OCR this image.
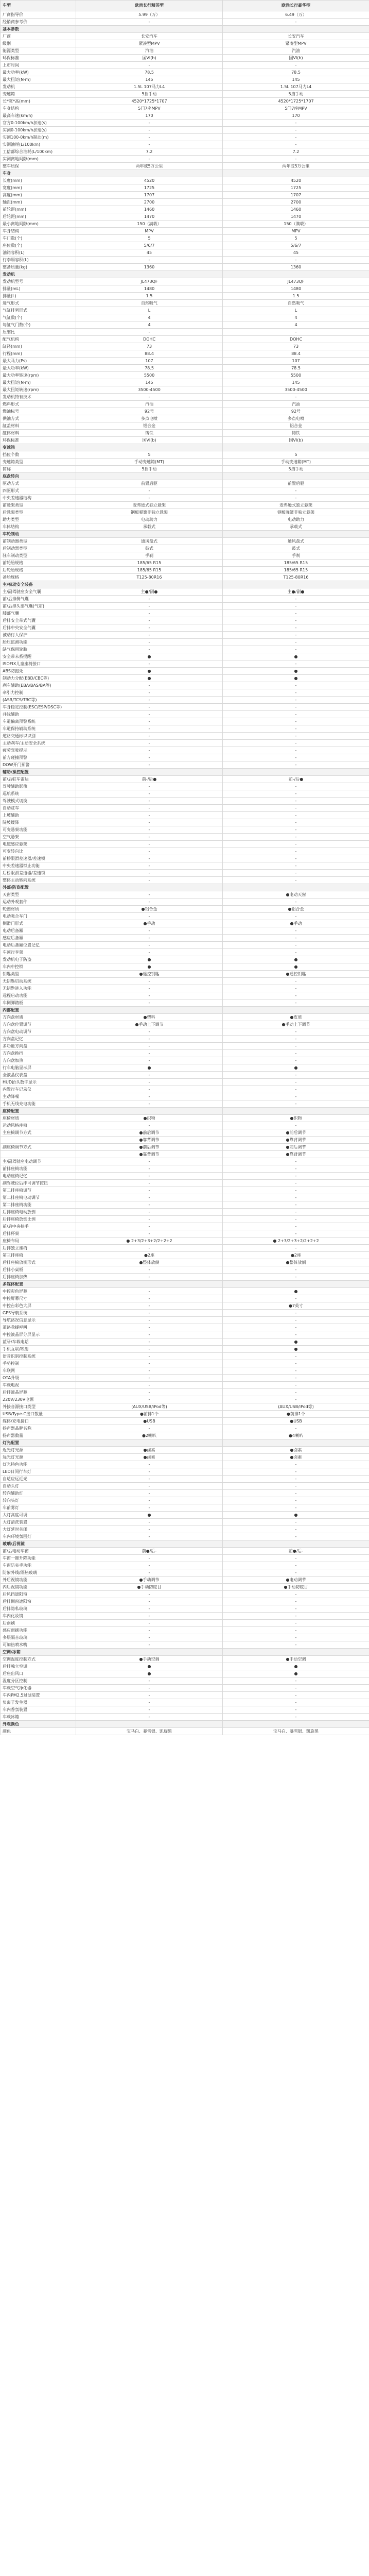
车型	欧尚长行精英型	欧尚长行豪华型
厂商指导价	5.99（万）	6.49（万）
经销商参考价	-	-
基本参数		
厂商	长安汽车	长安汽车
级别	紧凑型MPV	紧凑型MPV
能源类型	汽油	汽油
环保标准	国VI(b)	国VI(b)
上市时间	-	-
最大功率(kW)	78.5	78.5
最大扭矩(N·m)	145	145
发动机	1.5L 107马力L4	1.5L 107马力L4
变速箱	5挡手动	5挡手动
长*宽*高(mm)	4520*1725*1707	4520*1725*1707
车身结构	5门7座MPV	5门7座MPV
最高车速(km/h)	170	170
官方0-100km/h加速(s)	-	-
实测0-100km/h加速(s)	-	-
实测100-0km/h制动(m)	-	-
实测油耗(L/100km)	-	-
工信部综合油耗(L/100km)	7.2	7.2
实测离地间隙(mm)	-	-
整车质保	两年或5万公里	两年或5万公里
车身		
长度(mm)	4520	4520
宽度(mm)	1725	1725
高度(mm)	1707	1707
轴距(mm)	2700	2700
前轮距(mm)	1460	1460
后轮距(mm)	1470	1470
最小离地间隙(mm)	150（满载）	150（满载）
车身结构	MPV	MPV
车门数(个)	5	5
座位数(个)	5/6/7	5/6/7
油箱容积(L)	45	45
行李厢容积(L)	-	-
整备质量(kg)	1360	1360
发动机		
发动机型号	JL473QF	JL473QF
排量(mL)	1480	1480
排量(L)	1.5	1.5
进气形式	自然吸气	自然吸气
气缸排列形式	L	L
气缸数(个)	4	4
每缸气门数(个)	4	4
压缩比	-	-
配气机构	DOHC	DOHC
缸径(mm)	73	73
行程(mm)	88.4	88.4
最大马力(Ps)	107	107
最大功率(kW)	78.5	78.5
最大功率转速(rpm)	5500	5500
最大扭矩(N·m)	145	145
最大扭矩转速(rpm)	3500-4500	3500-4500
发动机特有技术	-	-
燃料形式	汽油	汽油
燃油标号	92号	92号
供油方式	多点电喷	多点电喷
缸盖材料	铝合金	铝合金
缸体材料	铸铁	铸铁
环保标准	国VI(b)	国VI(b)
变速箱		
挡位个数	5	5
变速箱类型	手动变速箱(MT)	手动变速箱(MT)
简称	5挡手动	5挡手动
底盘转向		
驱动方式	前置后驱	前置后驱
四驱形式	-	-
中央差速器结构	-	-
前悬架类型	麦弗逊式独立悬架	麦弗逊式独立悬架
后悬架类型	钢板弹簧非独立悬架	钢板弹簧非独立悬架
助力类型	电动助力	电动助力
车体结构	承载式	承载式
车轮制动		
前制动器类型	通风盘式	通风盘式
后制动器类型	鼓式	鼓式
驻车制动类型	手刹	手刹
前轮胎规格	185/65 R15	185/65 R15
后轮胎规格	185/65 R15	185/65 R15
备胎规格	T125-80R16	T125-80R16
主/被动安全装备		
主/副驾驶座安全气囊	主●/副●	主●/副●
前/后排侧气囊	-	-
前/后排头部气囊(气帘)	-	-
膝部气囊	-	-
后排安全带式气囊	-	-
后排中央安全气囊	-	-
被动行人保护	-	-
胎压监测功能	-	-
缺气保用轮胎	-	-
安全带未系提醒	●	●
ISOFIX儿童座椅接口	-	-
ABS防抱死	●	●
制动力分配(EBD/CBC等)	●	●
刹车辅助(EBA/BAS/BA等)	-	-
牵引力控制	-	-
(ASR/TCS/TRC等)	-	-
车身稳定控制(ESC/ESP/DSC等)	-	-
并线辅助	-	-
车道偏离预警系统	-	-
车道保持辅助系统	-	-
道路交通标识识别	-	-
主动刹车/主动安全系统	-	-
疲劳驾驶提示	-	-
前方碰撞预警	-	-
DOW开门预警	-	-
辅助/操控配置		
前/后驻车雷达	前-/后●	前-/后●
驾驶辅助影像	-	-
巡航系统	-	-
驾驶模式切换	-	-
自动驻车	-	-
上坡辅助	-	-
陡坡缓降	-	-
可变悬架功能	-	-
空气悬架	-	-
电磁感应悬架	-	-
可变转向比	-	-
前桥限滑差速器/差速锁	-	-
中央差速器锁止功能	-	-
后桥限滑差速器/差速锁	-	-
整体主动转向系统	-	-
外部/防盗配置		
天窗类型	-	●电动天窗
运动外观套件	-	-
轮圈材质	●铝合金	●铝合金
电动吸合车门	-	-
侧滑门形式	●手动	●手动
电动后备厢	-	-
感应后备厢	-	-
电动后备厢位置记忆	-	-
车顶行李架	-	-
发动机电子防盗	●	●
车内中控锁	●	●
钥匙类型	●遥控钥匙	●遥控钥匙
无钥匙启动系统	-	-
无钥匙进入功能	-	-
远程启动功能	-	-
车侧脚踏板	-	-
内部配置		
方向盘材质	●塑料	●皮质
方向盘位置调节	●手动上下调节	●手动上下调节
方向盘电动调节	-	-
方向盘记忆	-	-
多功能方向盘	-	-
方向盘换挡	-	-
方向盘加热	-	-
行车电脑显示屏	●	●
全液晶仪表盘	-	-
HUD抬头数字显示	-	-
内置行车记录仪	-	-
主动降噪	-	-
手机无线充电功能	-	-
座椅配置		
座椅材质	●织物	●织物
运动风格座椅	-	-
主座椅调节方式	●前后调节	●前后调节
	●靠背调节	●靠背调节
副座椅调节方式	●前后调节	●前后调节
	●靠背调节	●靠背调节
主/副驾驶座电动调节	-	-
前排座椅功能	-	-
电动座椅记忆	-	-
副驾驶位后排可调节按钮	-	-
第二排座椅调节	-	-
第二排座椅电动调节	-	-
第二排座椅功能	-	-
后排座椅电动放倒	-	-
后排座椅放倒比例	-	-
前/后中央扶手	-	-
后排杯架	-	-
座椅布局	● 2+3/2+3+2/2+2+2	● 2+3/2+3+2/2+2+2
后排独立座椅	-	-
第三排座椅	●2座	●2座
后排座椅放倒形式	●整体放倒	●整体放倒
后排小桌板	-	-
后排座椅加热	-	-
多媒体配置		
中控彩色屏幕	-	●
中控屏幕尺寸	-	-
中控台彩色大屏	-	●7英寸
GPS导航系统	-	-
导航路况信息显示	-	-
道路救援呼叫	-	-
中控液晶屏分屏显示	-	-
蓝牙/车载电话	-	●
手机互联/映射	-	●
语音识别控制系统	-	-
手势控制	-	-
车联网	-	-
OTA升级	-	-
车载电视	-	-
后排液晶屏幕	-	-
220V/230V电源	-	-
外接音源接口类型	(AUX/USB/iPod等)	(AUX/USB/iPod等)
USB/Type-C接口数量	●前排1个	●前排1个
媒体/充电接口	●USB	●USB
扬声器品牌名称	-	-
扬声器数量	●2喇叭	●4喇叭
灯光配置		
近光灯光源	●卤素	●卤素
远光灯光源	●卤素	●卤素
灯光特色功能	-	-
LED日间行车灯	-	-
自适应远近光	-	-
自动头灯	-	-
转向辅助灯	-	-
转向头灯	-	-
车前雾灯	-	-
大灯高度可调	●	●
大灯清洗装置	-	-
大灯延时关闭	-	-
车内环境氛围灯	-	-
玻璃/后视镜		
前/后电动车窗	前●/后-	前●/后-
车窗一键升降功能	-	-
车窗防夹手功能	-	-
防紫外线/隔热玻璃	-	-
外后视镜功能	●手动调节	●电动调节
内后视镜功能	●手动防眩目	●手动防眩目
后风挡遮阳帘	-	-
后排侧窗遮阳帘	-	-
后排隐私玻璃	-	-
车内化妆镜	-	-
后雨刷	-	-
感应雨刷功能	-	-
多层隔音玻璃	-	-
可加热喷水嘴	-	-
空调/冰箱		
空调温度控制方式	●手动空调	●手动空调
后排独立空调	●	●
后座出风口	●	●
温度分区控制	-	-
车载空气净化器	-	-
车内PM2.5过滤装置	-	-
负离子发生器	-	-
车内香氛装置	-	-
车载冰箱	-	-
外观颜色		
颜色	宝马白、暴雪银、凯旋黑	宝马白、暴雪银、凯旋黑
